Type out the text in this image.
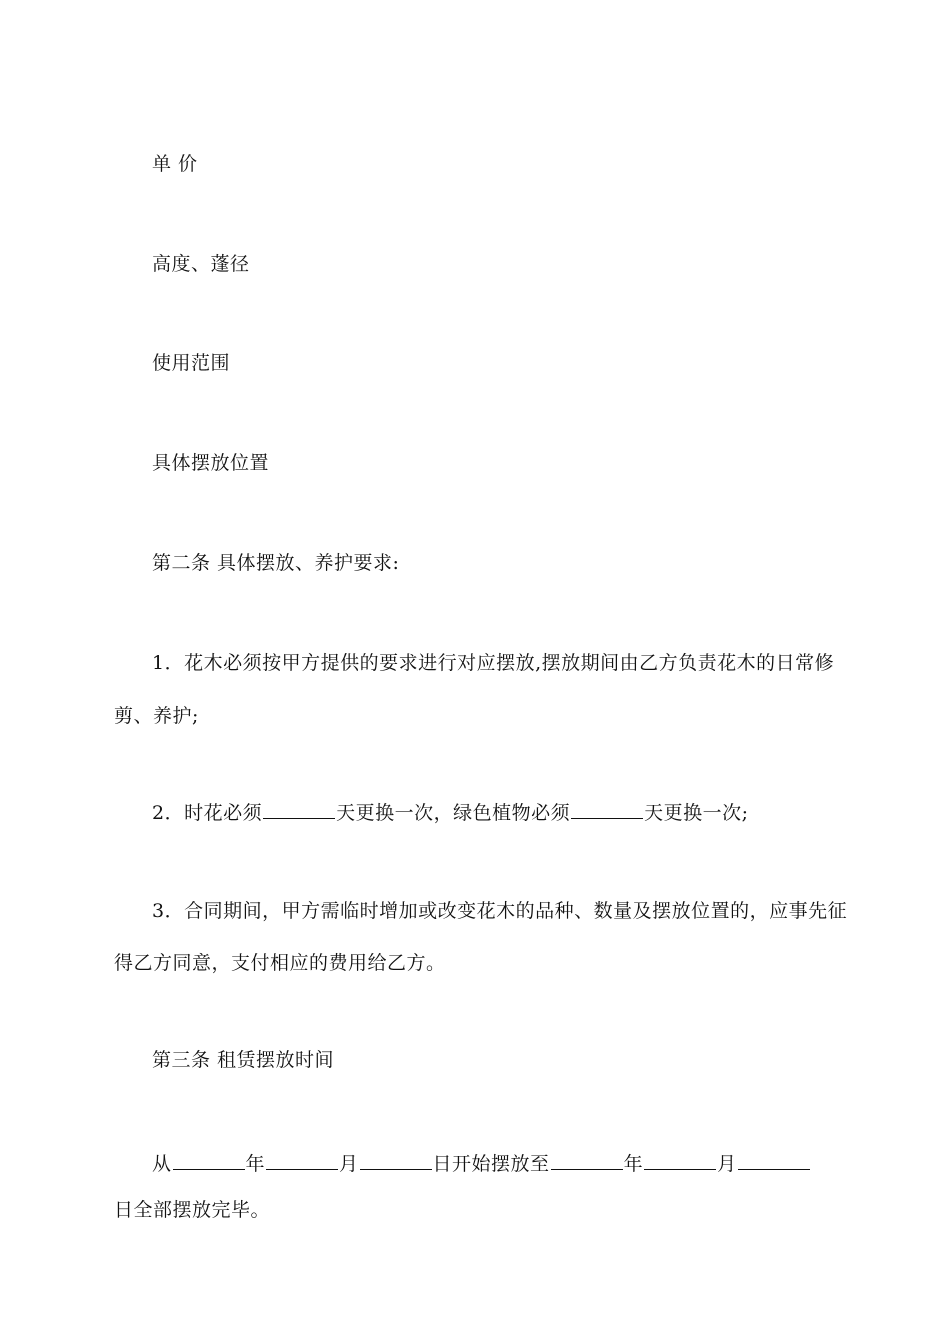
单 价
高度、蓬径
使用范围
具体摆放位置
第二条 具体摆放、养护要求:
1．花木必须按甲方提供的要求进行对应摆放,摆放期间由乙方负责花木的日常修
剪、养护;
2．时花必须	天更换一次，绿色植物必须	天更换一次;
3．合同期间，甲方需临时增加或改变花木的品种、数量及摆放位置的，应事先征
得乙方同意，支付相应的费用给乙方。
第三条 租赁摆放时间
从	年	月	日开始摆放至	年	月
日全部摆放完毕。
